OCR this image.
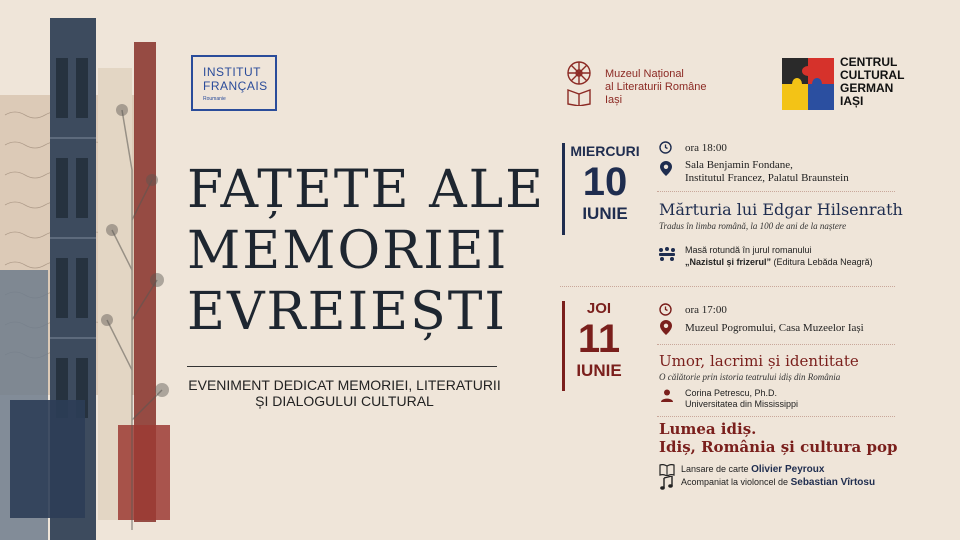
INSTITUT
FRANÇAIS
Roumanie
FAȚETE ALE
MEMORIEI
EVREIEȘTI
EVENIMENT DEDICAT MEMORIEI, LITERATURII
ȘI DIALOGULUI CULTURAL
Muzeul Național
al Literaturii Române
Iași
CENTRUL
CULTURAL
GERMAN
IAȘI
MIERCURI
10
IUNIE
ora 18:00
Sala Benjamin Fondane,
Institutul Francez, Palatul Braunstein
Mărturia lui Edgar Hilsenrath
Tradus în limba română, la 100 de ani de la naștere
Masă rotundă în jurul romanului
„Nazistul și frizerul” (Editura Lebăda Neagră)
JOI
11
IUNIE
ora 17:00
Muzeul Pogromului, Casa Muzeelor Iași
Umor, lacrimi și identitate
O călătorie prin istoria teatrului idiș din România
Corina Petrescu, Ph.D.
Universitatea din Mississippi
Lumea idiș.
Idiș, România și cultura pop
Lansare de carte Olivier Peyroux
Acompaniat la violoncel de Sebastian Vîrtosu
